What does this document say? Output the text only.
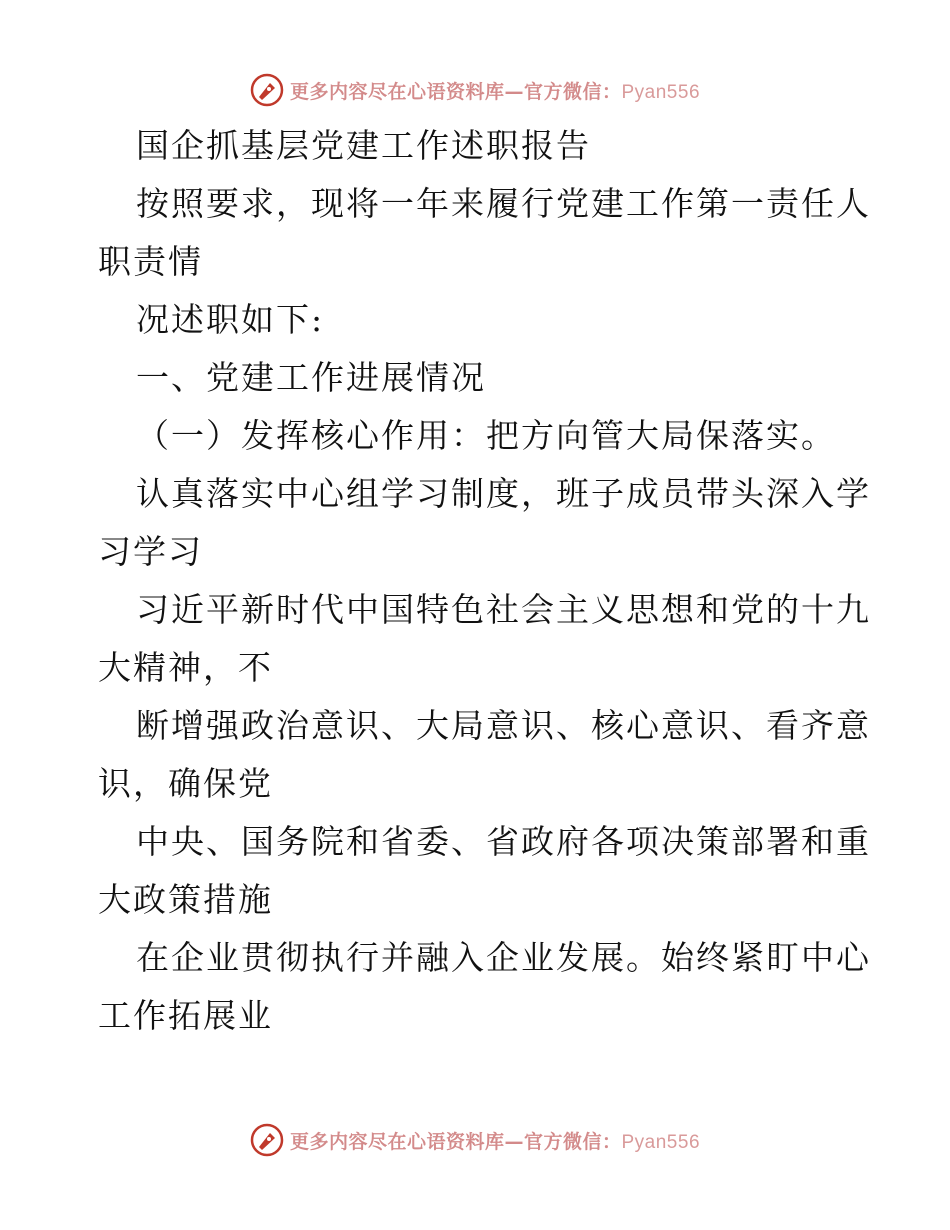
更多内容尽在心语资料库—官方微信：Pyan556
国企抓基层党建工作述职报告
按照要求，现将一年来履行党建工作第一责任人
职责情
况述职如下:
一、党建工作进展情况
（一）发挥核心作用：把方向管大局保落实。
认真落实中心组学习制度，班子成员带头深入学
习学习
习近平新时代中国特色社会主义思想和党的十九
大精神，不
断增强政治意识、大局意识、核心意识、看齐意
识，确保党
中央、国务院和省委、省政府各项决策部署和重
大政策措施
在企业贯彻执行并融入企业发展。始终紧盯中心
工作拓展业
更多内容尽在心语资料库—官方微信：Pyan556
